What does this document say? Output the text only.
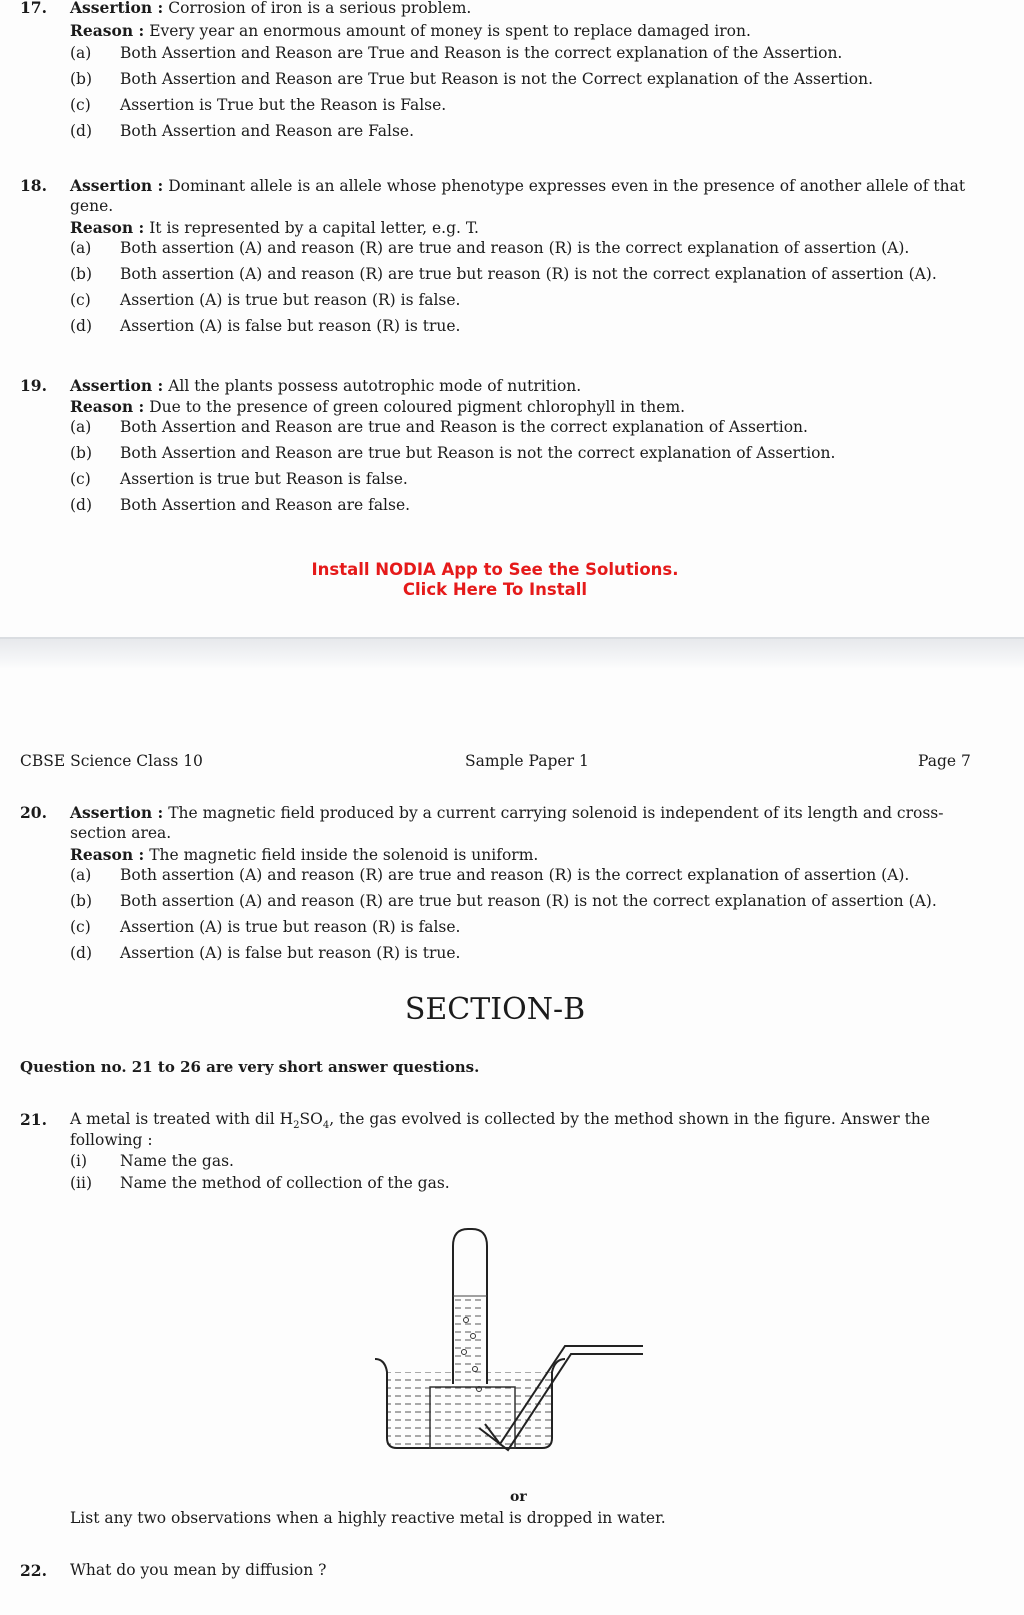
17. Assertion : Corrosion of iron is a serious problem.
Reason : Every year an enormous amount of money is spent to replace damaged iron.
(a) Both Assertion and Reason are True and Reason is the correct explanation of the Assertion.
(b) Both Assertion and Reason are True but Reason is not the Correct explanation of the Assertion.
(c) Assertion is True but the Reason is False.
(d) Both Assertion and Reason are False.
18. Assertion : Dominant allele is an allele whose phenotype expresses even in the presence of another allele of that
gene.
Reason : It is represented by a capital letter, e.g. T.
(a) Both assertion (A) and reason (R) are true and reason (R) is the correct explanation of assertion (A).
(b) Both assertion (A) and reason (R) are true but reason (R) is not the correct explanation of assertion (A).
(c) Assertion (A) is true but reason (R) is false.
(d) Assertion (A) is false but reason (R) is true.
19. Assertion : All the plants possess autotrophic mode of nutrition.
Reason : Due to the presence of green coloured pigment chlorophyll in them.
(a) Both Assertion and Reason are true and Reason is the correct explanation of Assertion.
(b) Both Assertion and Reason are true but Reason is not the correct explanation of Assertion.
(c) Assertion is true but Reason is false.
(d) Both Assertion and Reason are false.
Install NODIA App to See the Solutions.
Click Here To Install
CBSE Science Class 10	Sample Paper 1	Page 7
20. Assertion : The magnetic field produced by a current carrying solenoid is independent of its length and cross-
section area.
Reason : The magnetic field inside the solenoid is uniform.
(a) Both assertion (A) and reason (R) are true and reason (R) is the correct explanation of assertion (A).
(b) Both assertion (A) and reason (R) are true but reason (R) is not the correct explanation of assertion (A).
(c) Assertion (A) is true but reason (R) is false.
(d) Assertion (A) is false but reason (R) is true.
SECTION-B
Question no. 21 to 26 are very short answer questions.
21. A metal is treated with dil $H_2SO_4$, the gas evolved is collected by the method shown in the figure. Answer the
following :
(i) Name the gas.
(ii) Name the method of collection of the gas.
or
List any two observations when a highly reactive metal is dropped in water.
22. What do you mean by diffusion ?
